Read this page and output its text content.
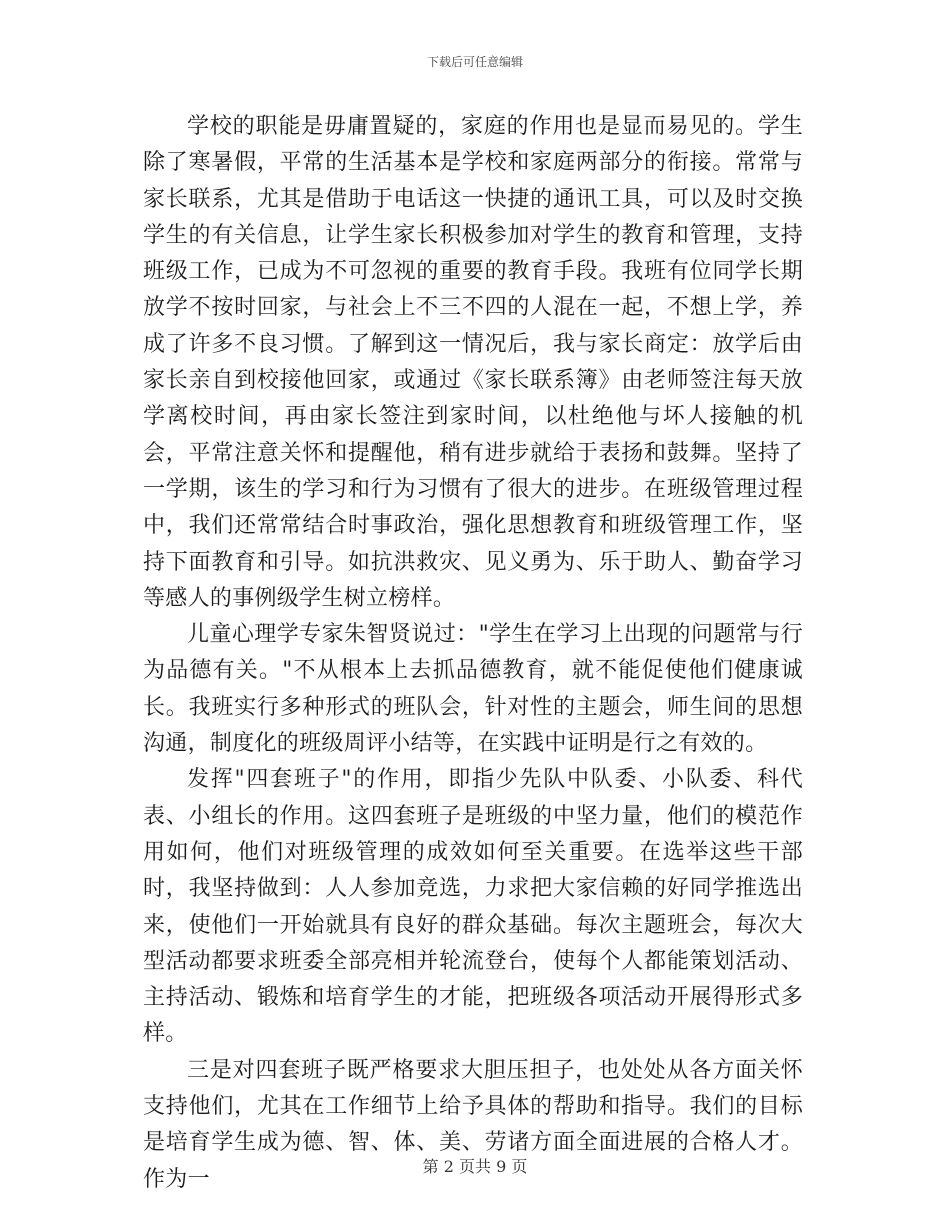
下载后可任意编辑

学校的职能是毋庸置疑的，家庭的作用也是显而易见的。学生除了寒暑假，平常的生活基本是学校和家庭两部分的衔接。常常与家长联系，尤其是借助于电话这一快捷的通讯工具，可以及时交换学生的有关信息，让学生家长积极参加对学生的教育和管理，支持班级工作，已成为不可忽视的重要的教育手段。我班有位同学长期放学不按时回家，与社会上不三不四的人混在一起，不想上学，养成了许多不良习惯。了解到这一情况后，我与家长商定：放学后由家长亲自到校接他回家，或通过《家长联系簿》由老师签注每天放学离校时间，再由家长签注到家时间，以杜绝他与坏人接触的机会，平常注意关怀和提醒他，稍有进步就给于表扬和鼓舞。坚持了一学期，该生的学习和行为习惯有了很大的进步。在班级管理过程中，我们还常常结合时事政治，强化思想教育和班级管理工作，坚持下面教育和引导。如抗洪救灾、见义勇为、乐于助人、勤奋学习等感人的事例级学生树立榜样。

儿童心理学专家朱智贤说过："学生在学习上出现的问题常与行为品德有关。"不从根本上去抓品德教育，就不能促使他们健康诚长。我班实行多种形式的班队会，针对性的主题会，师生间的思想沟通，制度化的班级周评小结等，在实践中证明是行之有效的。

发挥"四套班子"的作用，即指少先队中队委、小队委、科代表、小组长的作用。这四套班子是班级的中坚力量，他们的模范作用如何，他们对班级管理的成效如何至关重要。在选举这些干部时，我坚持做到：人人参加竞选，力求把大家信赖的好同学推选出来，使他们一开始就具有良好的群众基础。每次主题班会，每次大型活动都要求班委全部亮相并轮流登台，使每个人都能策划活动、主持活动、锻炼和培育学生的才能，把班级各项活动开展得形式多样。

三是对四套班子既严格要求大胆压担子，也处处从各方面关怀支持他们，尤其在工作细节上给予具体的帮助和指导。我们的目标是培育学生成为德、智、体、美、劳诸方面全面进展的合格人才。作为一

第 2 页共 9 页
